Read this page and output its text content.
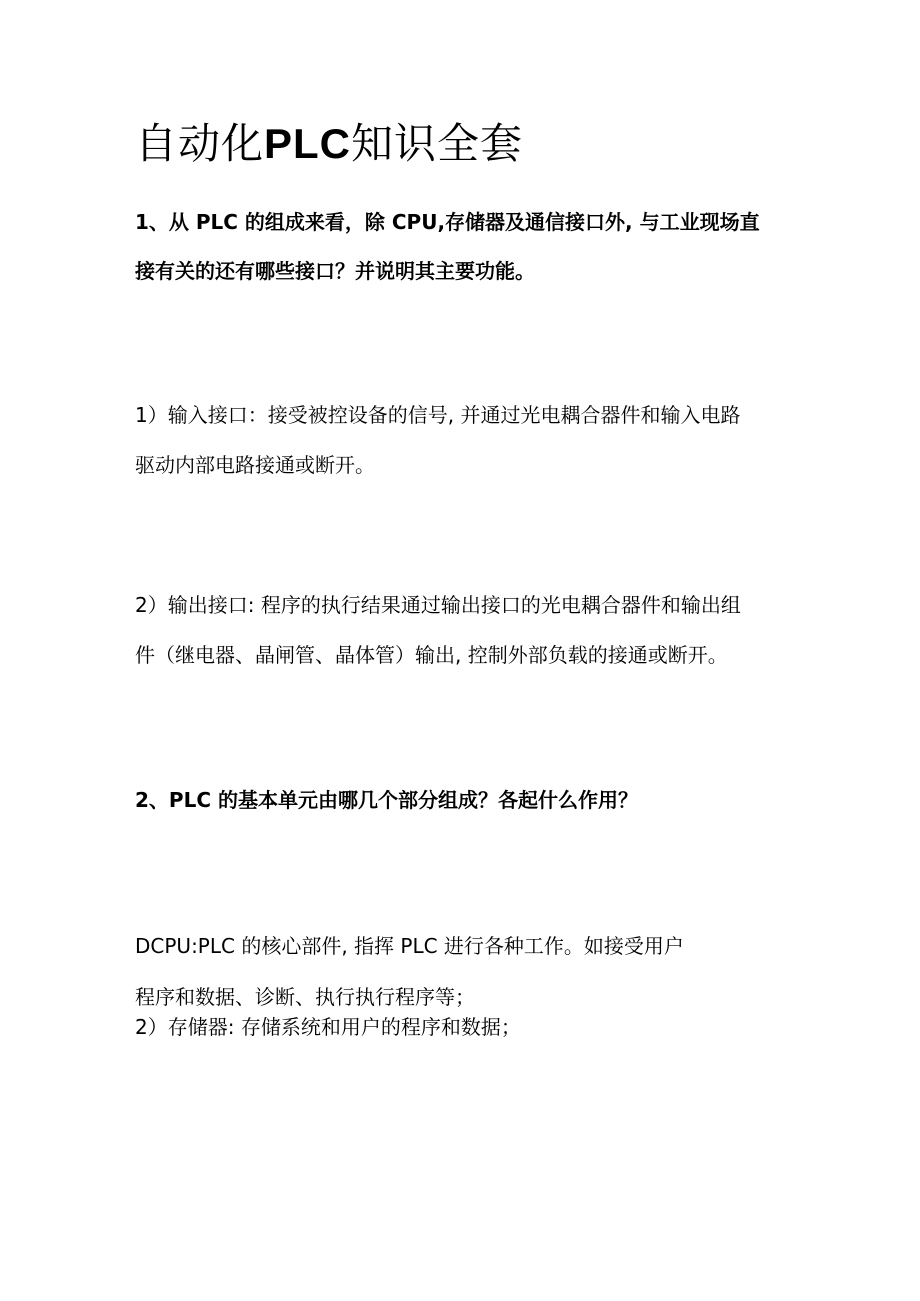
自动化PLC知识全套

1、从 PLC 的组成来看，除 CPU,存储器及通信接口外, 与工业现场直

接有关的还有哪些接口？并说明其主要功能。

1）输入接口：接受被控设备的信号, 并通过光电耦合器件和输入电路

驱动内部电路接通或断开。

2）输出接口: 程序的执行结果通过输出接口的光电耦合器件和输出组

件（继电器、晶闸管、晶体管）输出, 控制外部负载的接通或断开。

2、PLC 的基本单元由哪几个部分组成？各起什么作用？

DCPU:PLC 的核心部件, 指挥 PLC 进行各种工作。如接受用户

程序和数据、诊断、执行执行程序等；

2）存储器: 存储系统和用户的程序和数据；
